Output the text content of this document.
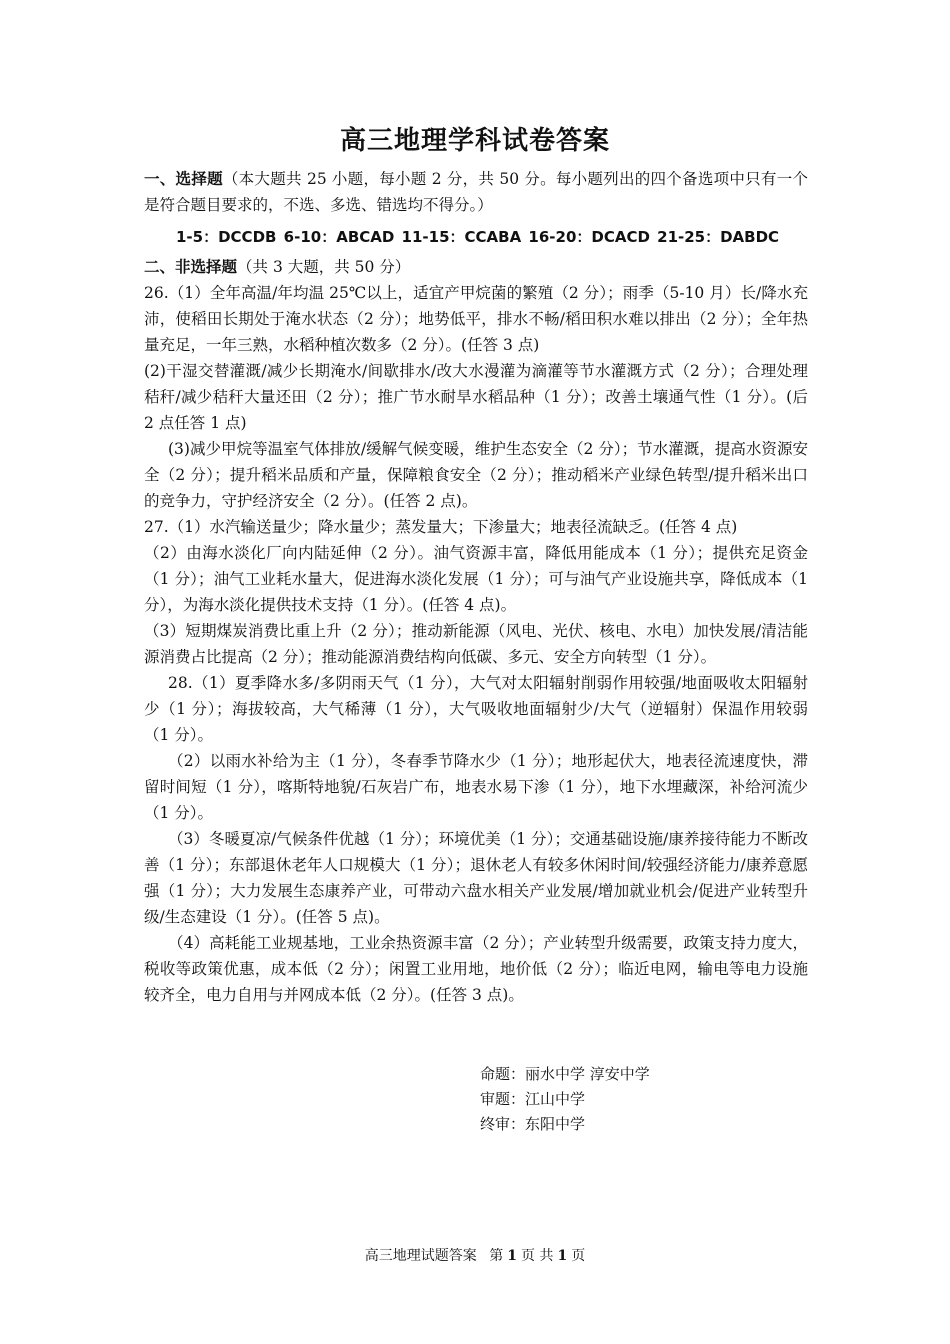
高三地理学科试卷答案

一、选择题（本大题共 25 小题，每小题 2 分，共 50 分。每小题列出的四个备选项中只有一个是符合题目要求的，不选、多选、错选均不得分。）

1-5：DCCDB 6-10：ABCAD 11-15：CCABA 16-20：DCACD 21-25：DABDC

二、非选择题（共 3 大题，共 50 分）

26.（1）全年高温/年均温 25℃以上，适宜产甲烷菌的繁殖（2 分）；雨季（5-10 月）长/降水充沛，使稻田长期处于淹水状态（2 分）；地势低平，排水不畅/稻田积水难以排出（2 分）；全年热量充足，一年三熟，水稻种植次数多（2 分）。(任答 3 点)

(2)干湿交替灌溉/减少长期淹水/间歇排水/改大水漫灌为滴灌等节水灌溉方式（2 分）；合理处理秸秆/减少秸秆大量还田（2 分）；推广节水耐旱水稻品种（1 分）；改善土壤通气性（1 分）。(后 2 点任答 1 点)

(3)减少甲烷等温室气体排放/缓解气候变暖，维护生态安全（2 分）；节水灌溉，提高水资源安全（2 分）；提升稻米品质和产量，保障粮食安全（2 分）；推动稻米产业绿色转型/提升稻米出口的竞争力，守护经济安全（2 分）。(任答 2 点)。

27.（1）水汽输送量少；降水量少；蒸发量大；下渗量大；地表径流缺乏。(任答 4 点)

（2）由海水淡化厂向内陆延伸（2 分）。油气资源丰富，降低用能成本（1 分）；提供充足资金（1 分）；油气工业耗水量大，促进海水淡化发展（1 分）；可与油气产业设施共享，降低成本（1 分），为海水淡化提供技术支持（1 分）。(任答 4 点)。

（3）短期煤炭消费比重上升（2 分）；推动新能源（风电、光伏、核电、水电）加快发展/清洁能源消费占比提高（2 分）；推动能源消费结构向低碳、多元、安全方向转型（1 分）。

28.（1）夏季降水多/多阴雨天气（1 分），大气对太阳辐射削弱作用较强/地面吸收太阳辐射少（1 分）；海拔较高，大气稀薄（1 分），大气吸收地面辐射少/大气（逆辐射）保温作用较弱（1 分）。

（2）以雨水补给为主（1 分），冬春季节降水少（1 分）；地形起伏大，地表径流速度快，滞留时间短（1 分），喀斯特地貌/石灰岩广布，地表水易下渗（1 分），地下水埋藏深，补给河流少（1 分）。

（3）冬暖夏凉/气候条件优越（1 分）；环境优美（1 分）；交通基础设施/康养接待能力不断改善（1 分）；东部退休老年人口规模大（1 分）；退休老人有较多休闲时间/较强经济能力/康养意愿强（1 分）；大力发展生态康养产业，可带动六盘水相关产业发展/增加就业机会/促进产业转型升级/生态建设（1 分）。(任答 5 点)。

（4）高耗能工业规基地，工业余热资源丰富（2 分）；产业转型升级需要，政策支持力度大，税收等政策优惠，成本低（2 分）；闲置工业用地，地价低（2 分）；临近电网，输电等电力设施较齐全，电力自用与并网成本低（2 分）。(任答 3 点)。

命题：丽水中学 淳安中学
审题：江山中学
终审：东阳中学
高三地理试题答案 第 1 页 共 1 页
